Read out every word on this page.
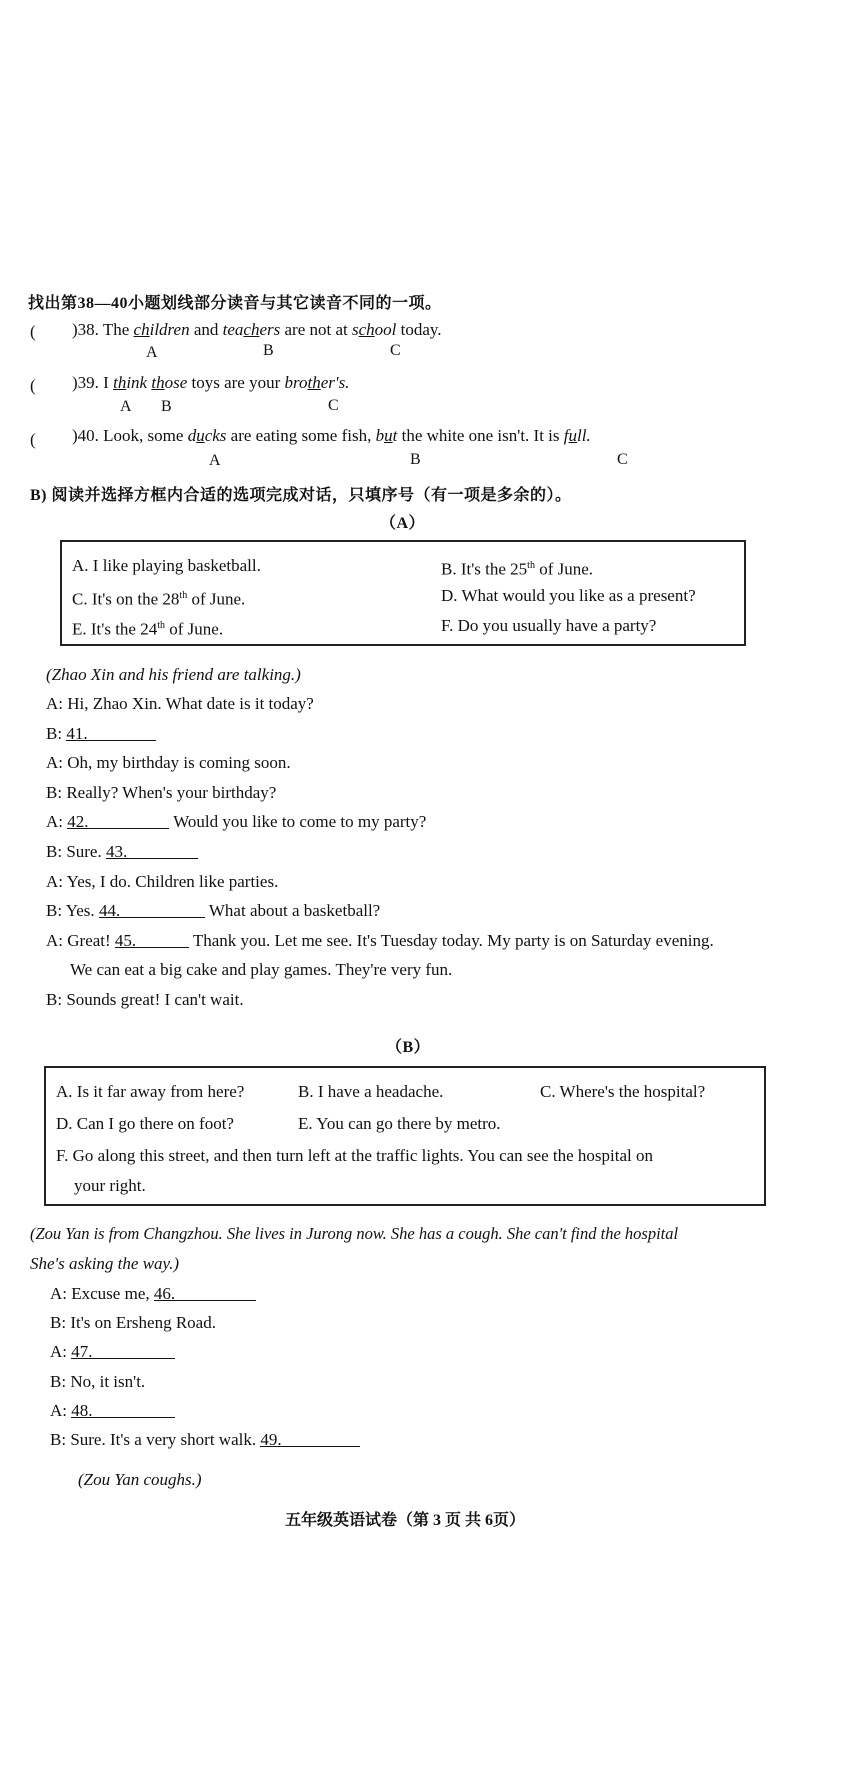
找出第38—40小题划线部分读音与其它读音不同的一项。
( )38. The children and teachers are not at school today.
A	B	C
( )39. I think those toys are your brother's.
A B	C
( )40. Look, some ducks are eating some fish, but the white one isn't. It is full.
A	B	C
B) 阅读并选择方框内合适的选项完成对话，只填序号（有一项是多余的）。
（A）
A. I like playing basketball.	B. It's the 25th of June.
C. It's on the 28th of June.	D. What would you like as a present?
E. It's the 24th of June.	F. Do you usually have a party?
(Zhao Xin and his friend are talking.)
A: Hi, Zhao Xin. What date is it today?
B: 41.
A: Oh, my birthday is coming soon.
B: Really? When's your birthday?
A: 42.	Would you like to come to my party?
B: Sure. 43.
A: Yes, I do. Children like parties.
B: Yes. 44.	What about a basketball?
A: Great! 45.	Thank you. Let me see. It's Tuesday today. My party is on Saturday evening.
We can eat a big cake and play games. They're very fun.
B: Sounds great! I can't wait.
（B）
A. Is it far away from here?	B. I have a headache.	C. Where's the hospital?
D. Can I go there on foot?	E. You can go there by metro.
F. Go along this street, and then turn left at the traffic lights. You can see the hospital on
your right.
(Zou Yan is from Changzhou. She lives in Jurong now. She has a cough. She can't find the hospital
She's asking the way.)
A: Excuse me, 46.
B: It's on Ersheng Road.
A: 47.
B: No, it isn't.
A: 48.
B: Sure. It's a very short walk. 49.
(Zou Yan coughs.)
五年级英语试卷（第 3 页 共 6页）
